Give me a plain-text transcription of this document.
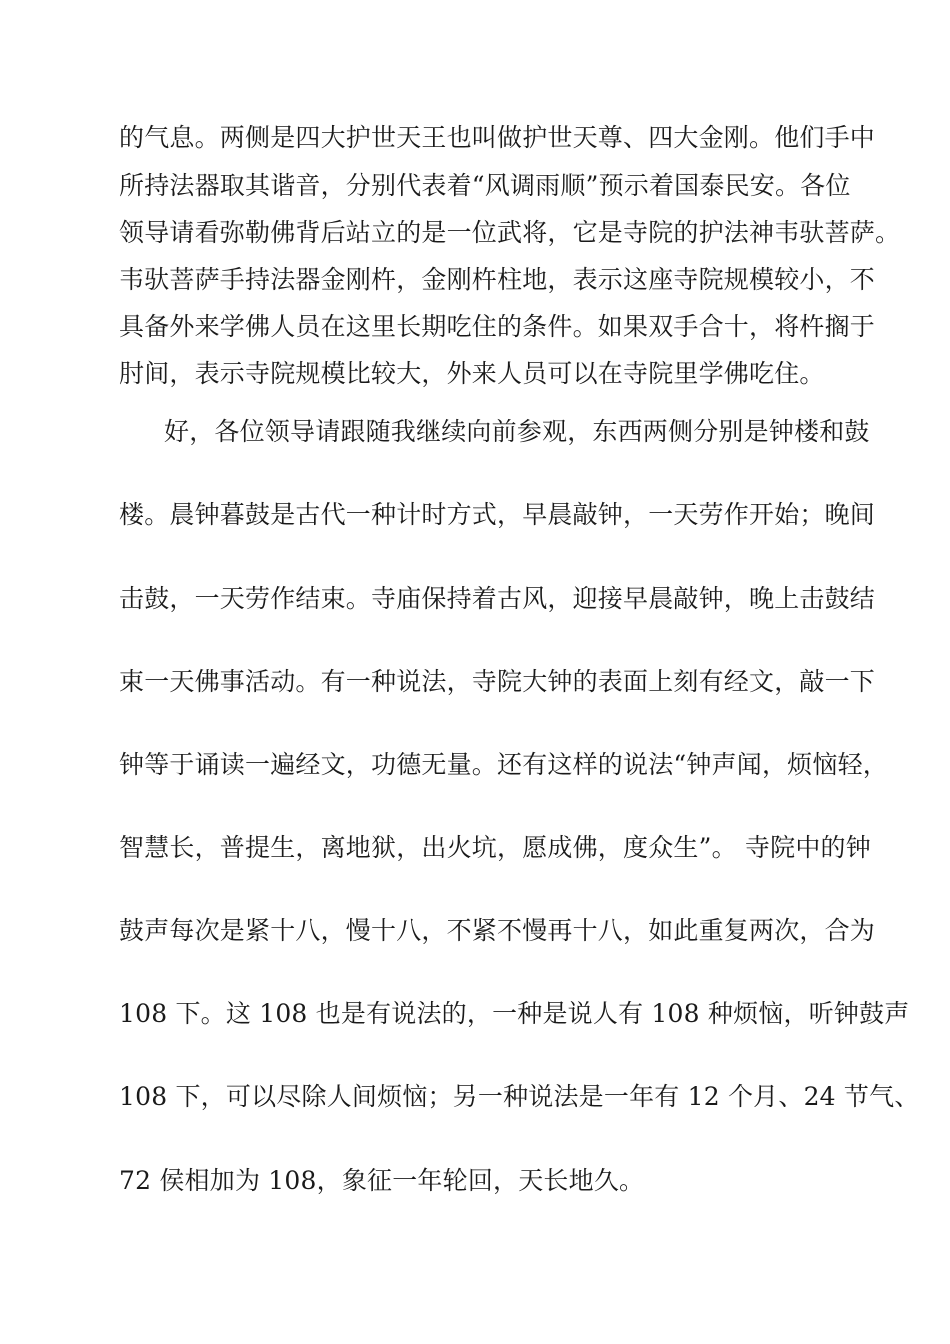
的气息。两侧是四大护世天王也叫做护世天尊、四大金刚。他们手中
所持法器取其谐音，分别代表着“风调雨顺”预示着国泰民安。各位
领导请看弥勒佛背后站立的是一位武将，它是寺院的护法神韦驮菩萨。
韦驮菩萨手持法器金刚杵，金刚杵柱地，表示这座寺院规模较小，不
具备外来学佛人员在这里长期吃住的条件。如果双手合十，将杵搁于
肘间，表示寺院规模比较大，外来人员可以在寺院里学佛吃住。
好，各位领导请跟随我继续向前参观，东西两侧分别是钟楼和鼓
楼。晨钟暮鼓是古代一种计时方式，早晨敲钟，一天劳作开始；晚间
击鼓，一天劳作结束。寺庙保持着古风，迎接早晨敲钟，晚上击鼓结
束一天佛事活动。有一种说法，寺院大钟的表面上刻有经文，敲一下
钟等于诵读一遍经文，功德无量。还有这样的说法“钟声闻，烦恼轻，
智慧长，普提生，离地狱，出火坑，愿成佛，度众生”。 寺院中的钟
鼓声每次是紧十八，慢十八，不紧不慢再十八，如此重复两次，合为
108 下。这 108 也是有说法的，一种是说人有 108 种烦恼，听钟鼓声
108 下，可以尽除人间烦恼；另一种说法是一年有 12 个月、24 节气、
72 侯相加为 108，象征一年轮回，天长地久。
